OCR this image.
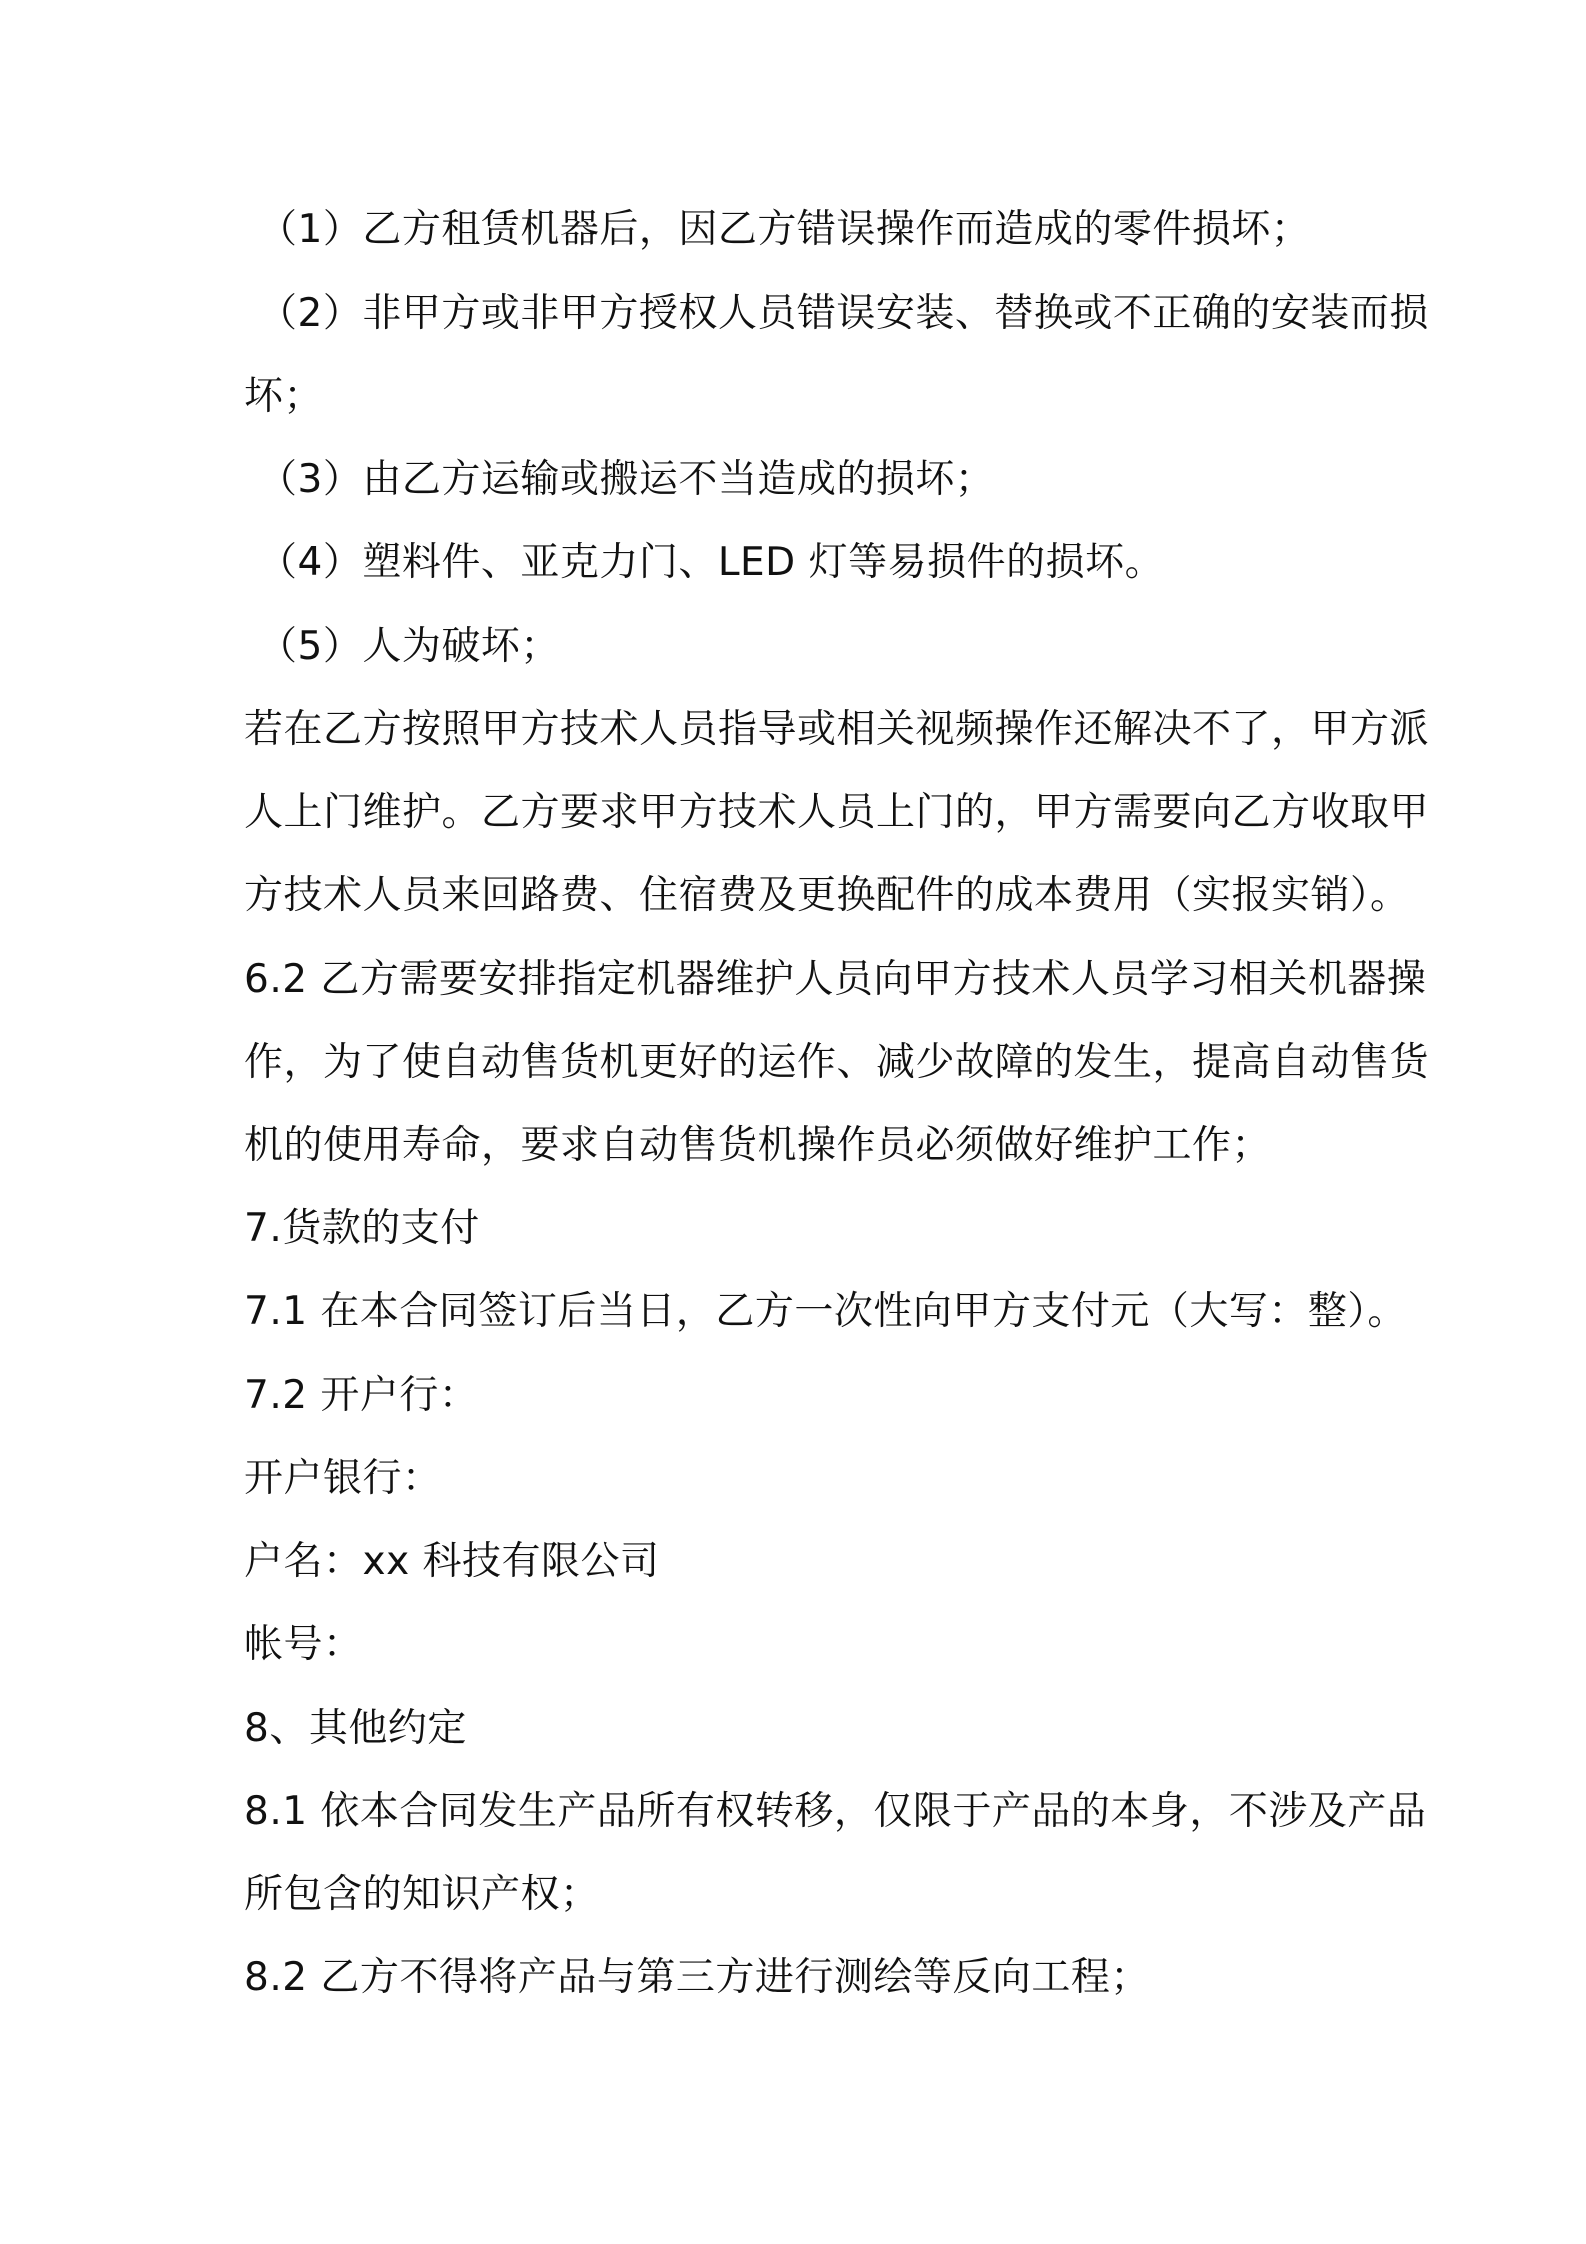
（1）乙方租赁机器后，因乙方错误操作而造成的零件损坏；
（2）非甲方或非甲方授权人员错误安装、替换或不正确的安装而损
坏；
（3）由乙方运输或搬运不当造成的损坏；
（4）塑料件、亚克力门、LED 灯等易损件的损坏。
（5）人为破坏；
若在乙方按照甲方技术人员指导或相关视频操作还解决不了，甲方派
人上门维护。乙方要求甲方技术人员上门的，甲方需要向乙方收取甲
方技术人员来回路费、住宿费及更换配件的成本费用（实报实销）。
6.2 乙方需要安排指定机器维护人员向甲方技术人员学习相关机器操
作，为了使自动售货机更好的运作、减少故障的发生，提高自动售货
机的使用寿命，要求自动售货机操作员必须做好维护工作；
7.货款的支付
7.1 在本合同签订后当日，乙方一次性向甲方支付元（大写：整）。
7.2 开户行：
开户银行：
户名：xx 科技有限公司
帐号：
8、其他约定
8.1 依本合同发生产品所有权转移，仅限于产品的本身，不涉及产品
所包含的知识产权；
8.2 乙方不得将产品与第三方进行测绘等反向工程；
